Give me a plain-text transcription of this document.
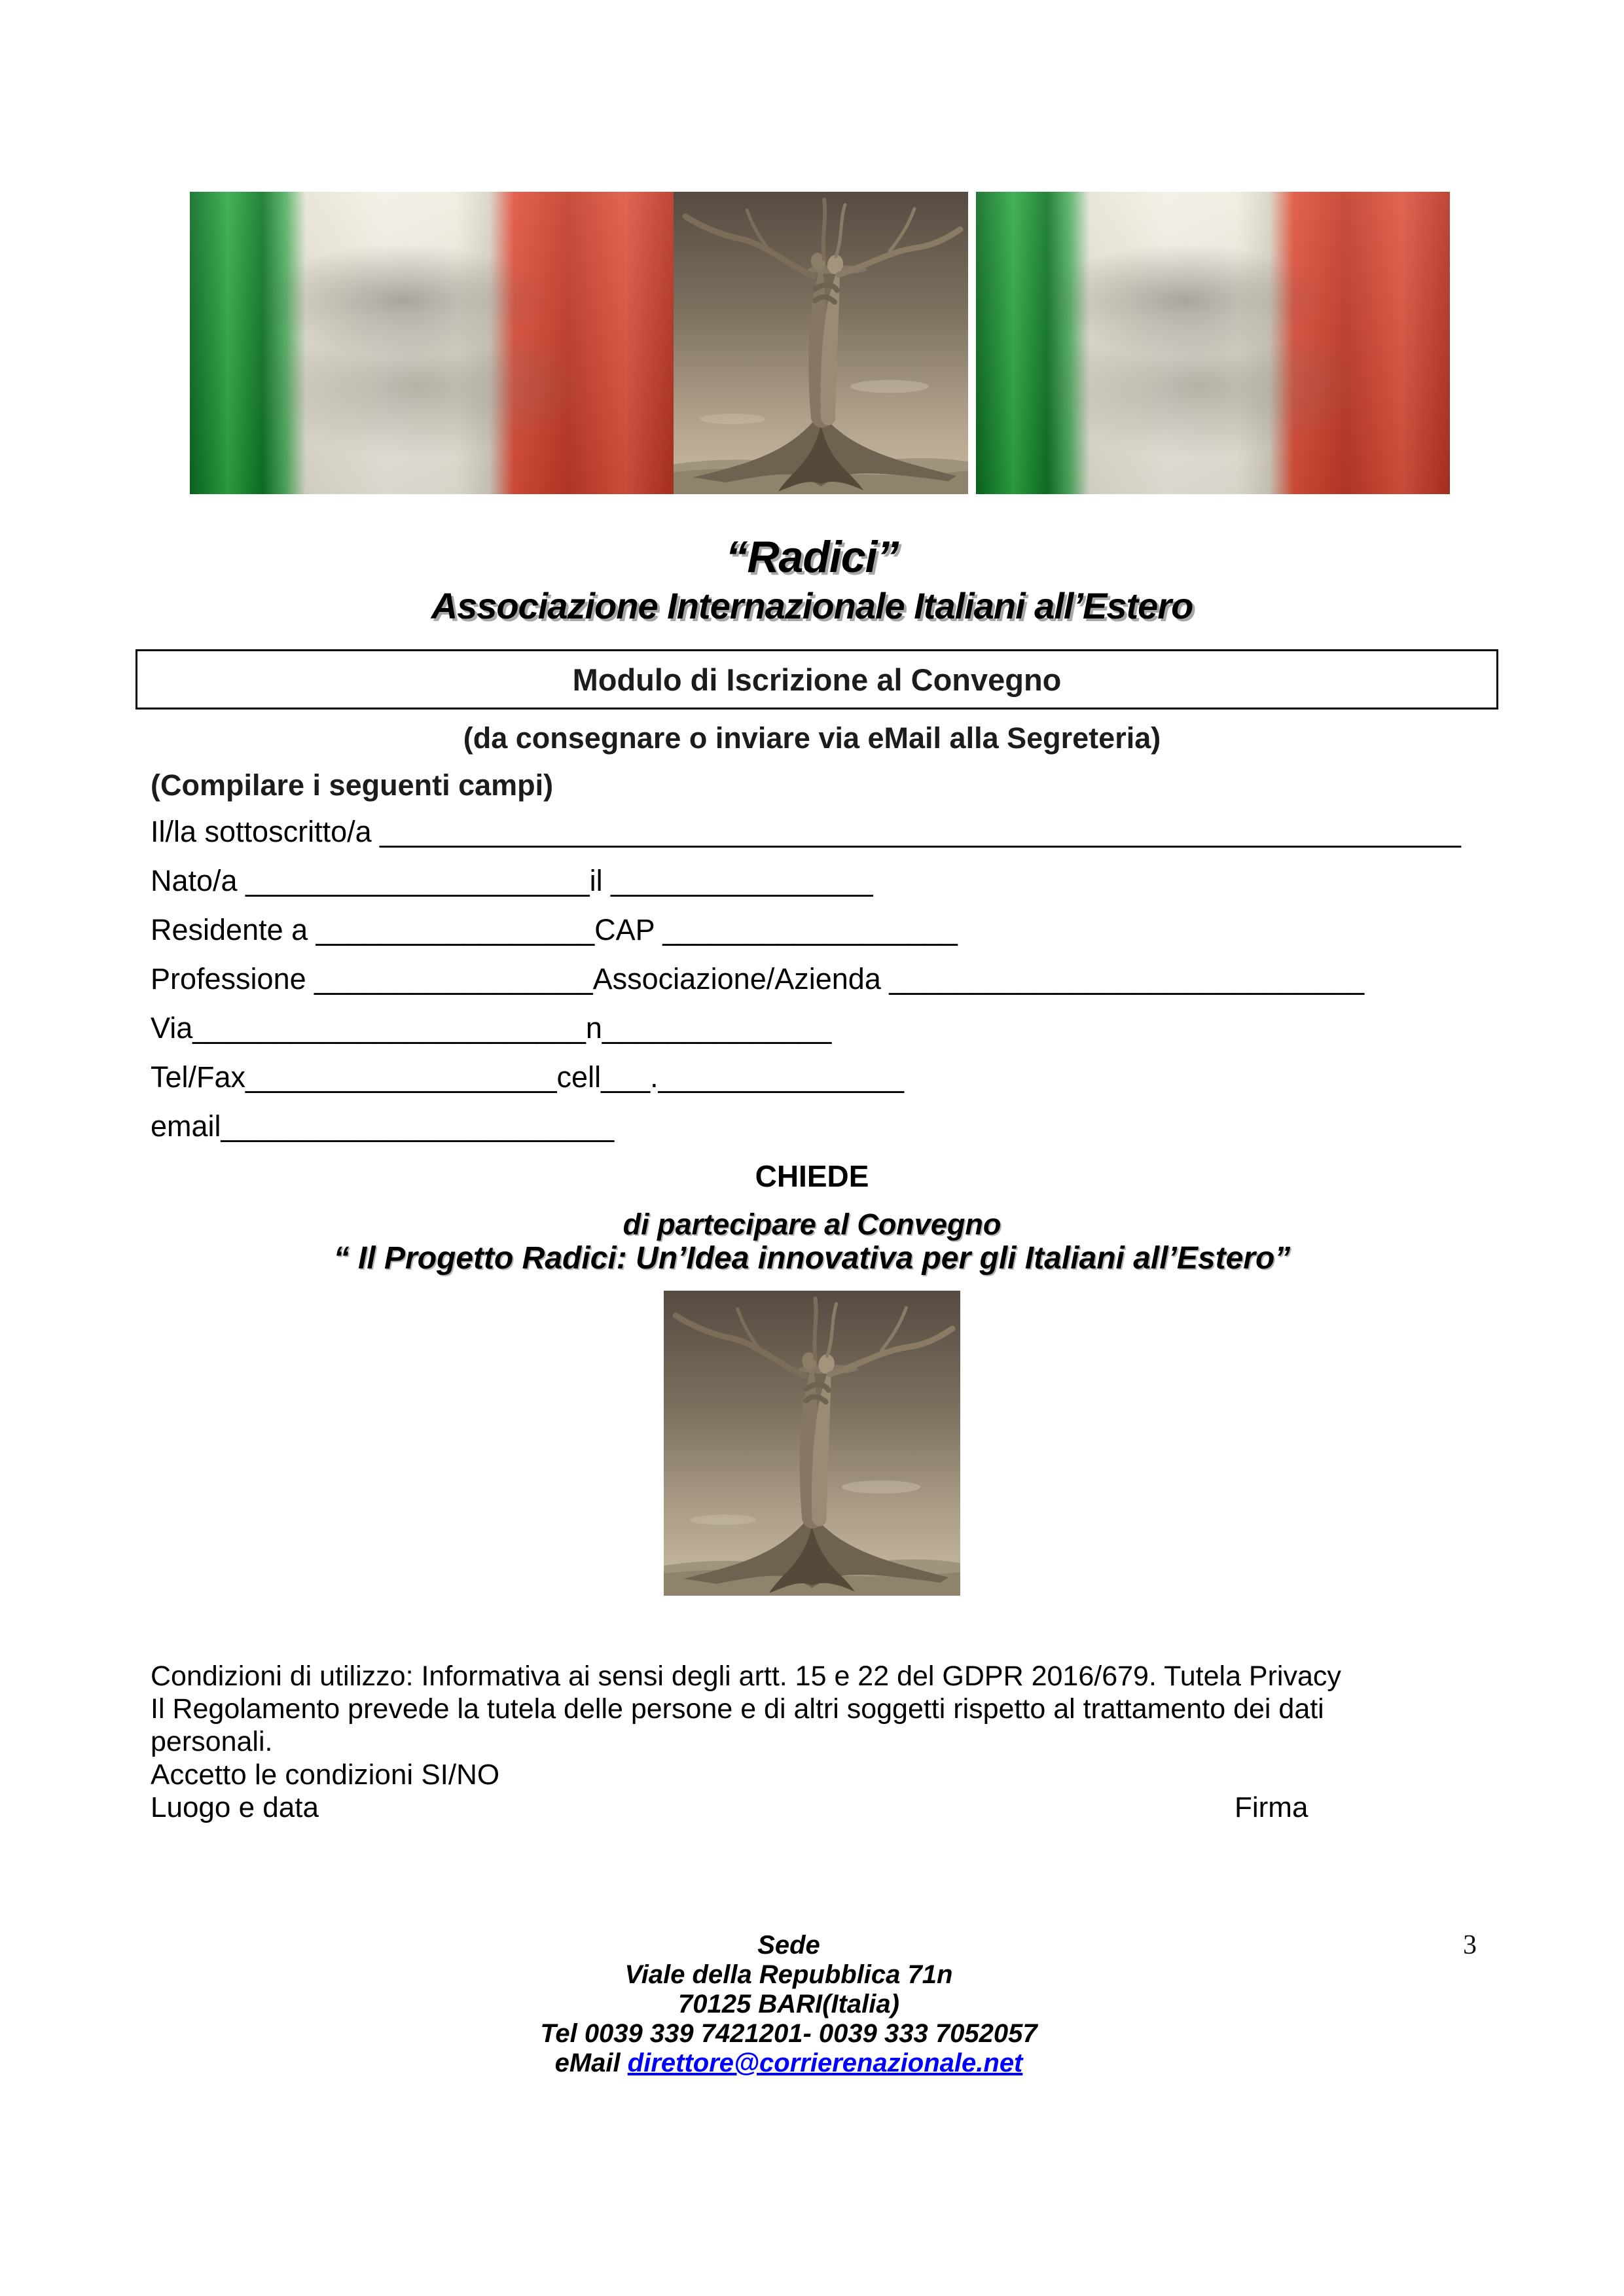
“Radici”
Associazione Internazionale Italiani all’Estero
Modulo di Iscrizione al Convegno
(da consegnare o inviare via eMail alla Segreteria)
(Compilare i seguenti campi)
Il/la sottoscritto/a __________________________________________________________________
Nato/a _____________________il ________________
Residente a _________________CAP __________________
Professione _________________Associazione/Azienda _____________________________
Via________________________n______________
Tel/Fax___________________cell___._______________
email________________________
CHIEDE
di partecipare al Convegno
“ Il Progetto Radici: Un’Idea innovativa per gli Italiani all’Estero”
Condizioni di utilizzo: Informativa ai sensi degli artt. 15 e 22 del GDPR 2016/679. Tutela Privacy
Il Regolamento prevede la tutela delle persone e di altri soggetti rispetto al trattamento dei dati
personali.
Accetto le condizioni SI/NO
Luogo e data	Firma
Sede
Viale della Repubblica 71n
70125 BARI(Italia)
Tel 0039 339 7421201- 0039 333 7052057
eMail direttore@corrierenazionale.net
3
